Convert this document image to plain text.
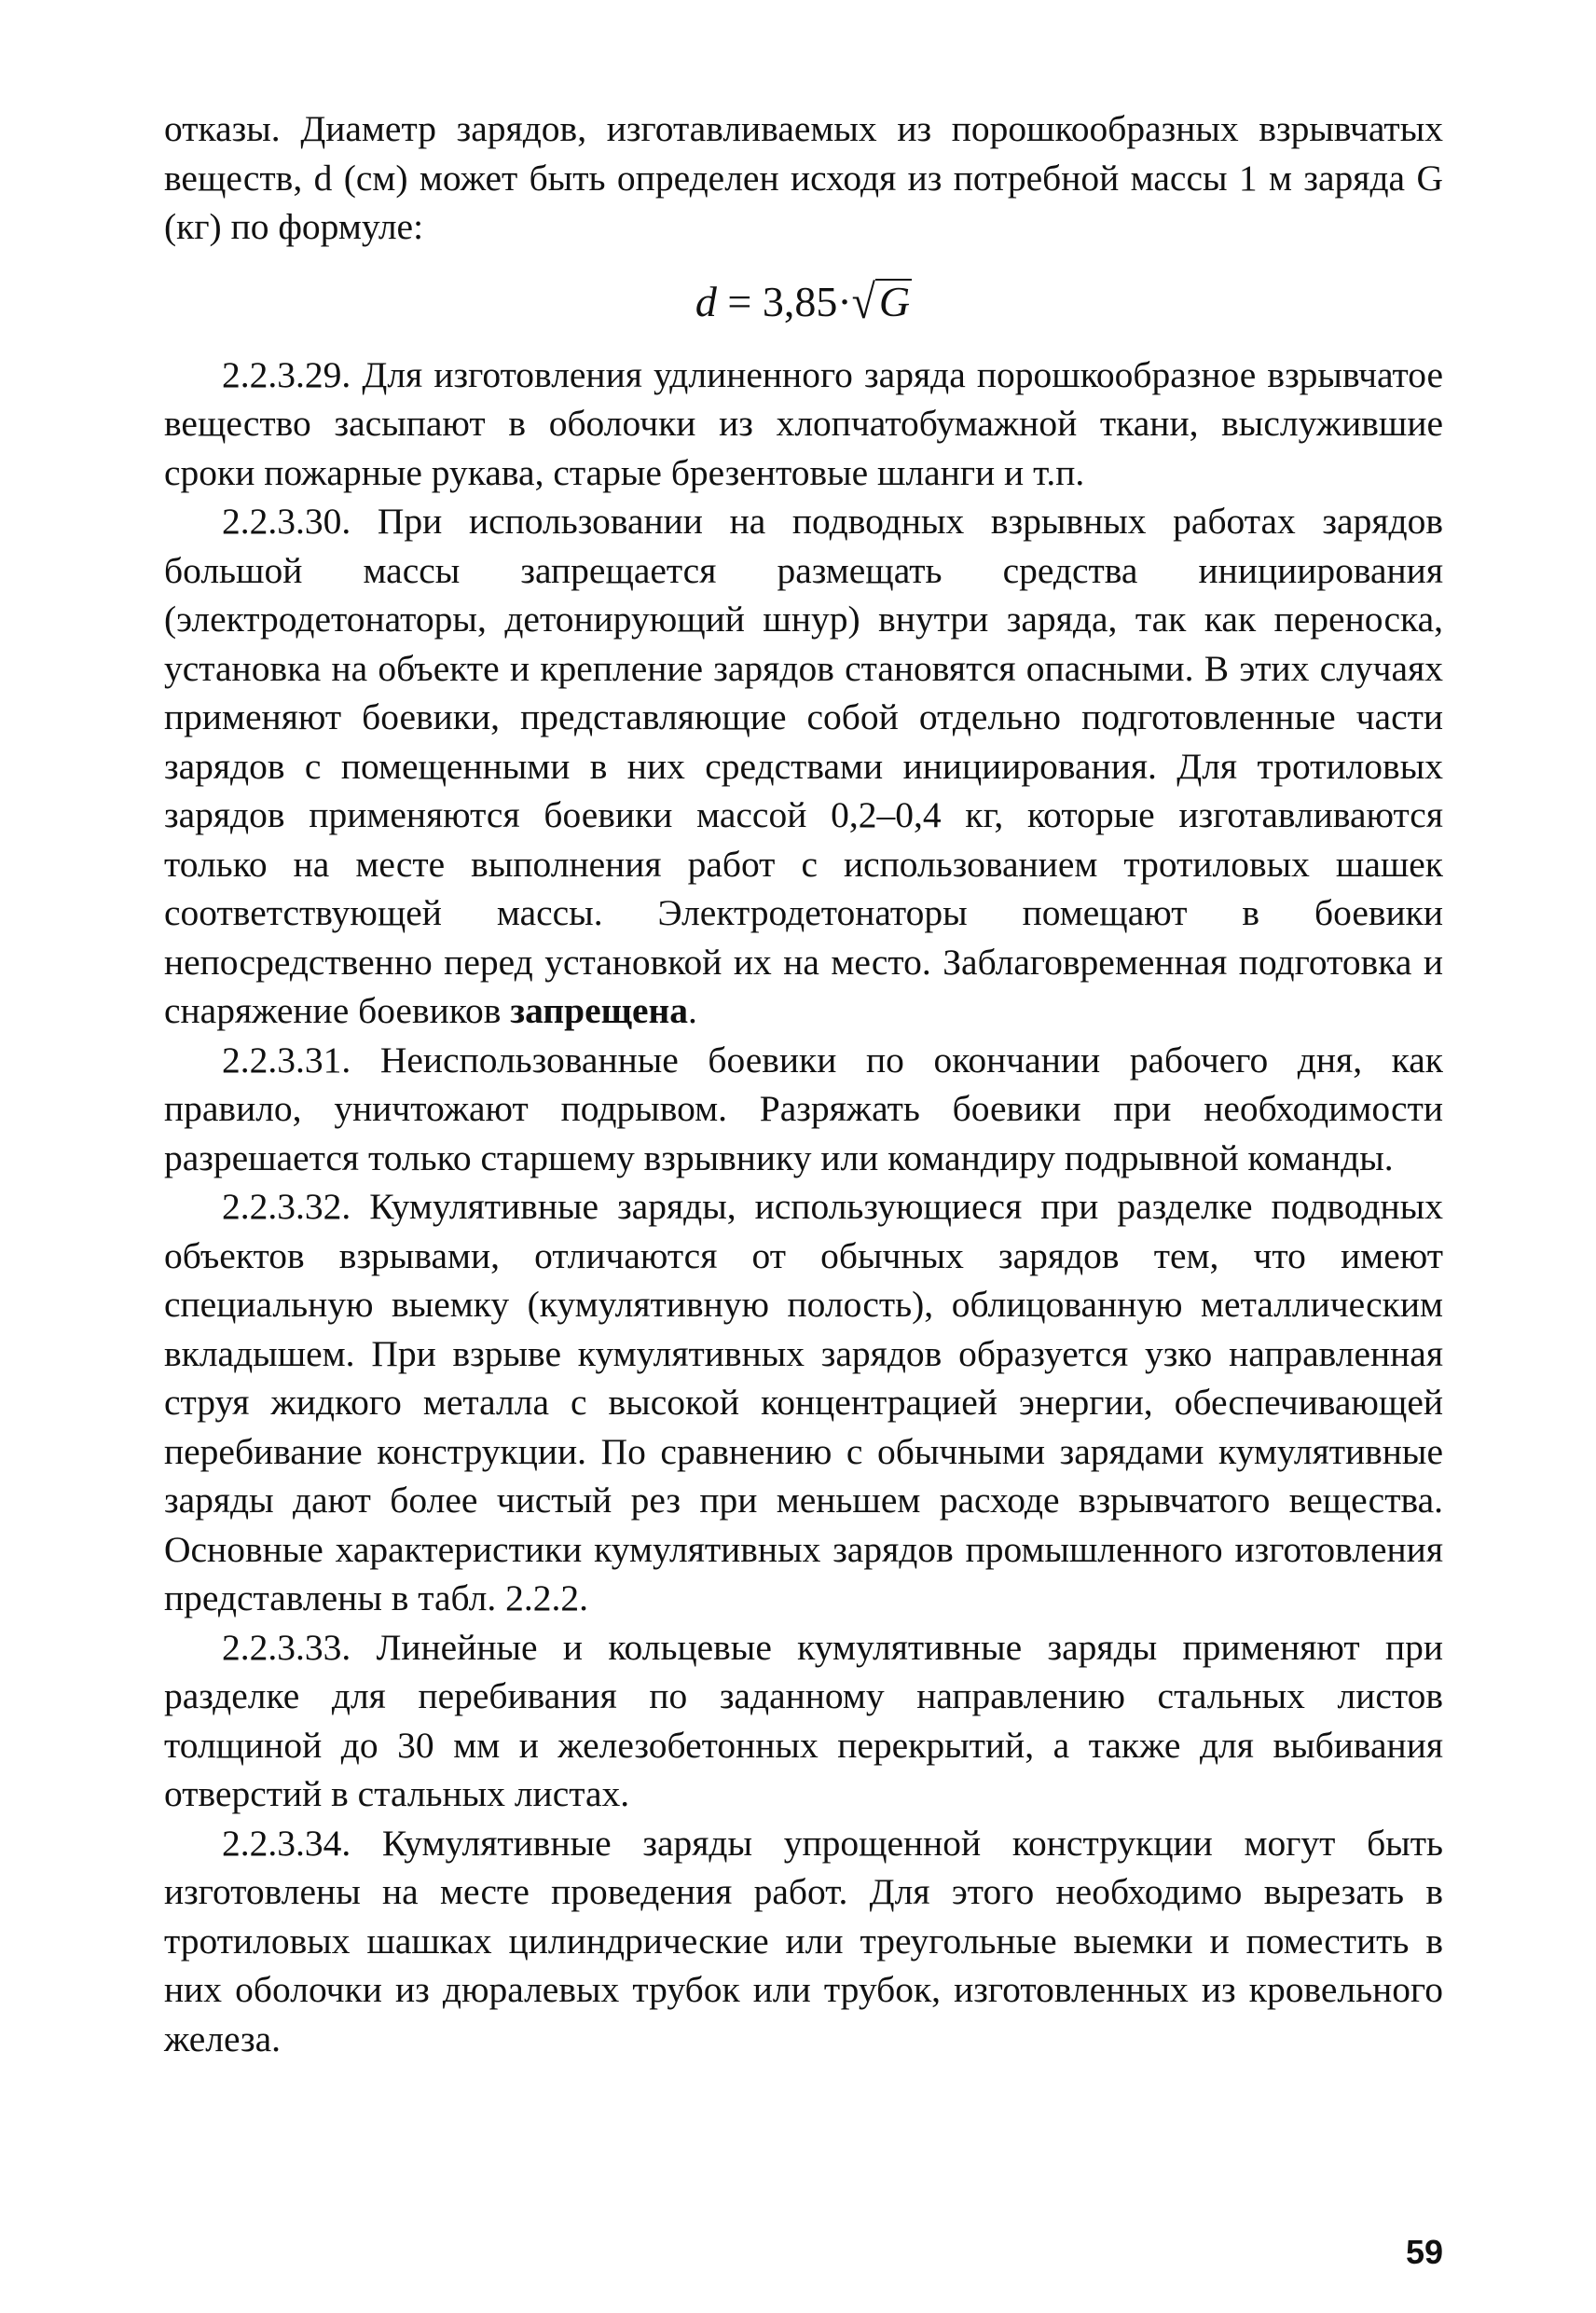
отказы. Диаметр зарядов, изготавливаемых из порошкообразных взрывчатых веществ, d (см) может быть определен исходя из потребной массы 1 м заряда G (кг) по формуле:

d = 3,85·√G

2.2.3.29. Для изготовления удлиненного заряда порошкообразное взрывчатое вещество засыпают в оболочки из хлопчатобумажной ткани, выслужившие сроки пожарные рукава, старые брезентовые шланги и т.п.

2.2.3.30. При использовании на подводных взрывных работах зарядов большой массы запрещается размещать средства инициирования (электродетонаторы, детонирующий шнур) внутри заряда, так как переноска, установка на объекте и крепление зарядов становятся опасными. В этих случаях применяют боевики, представляющие собой отдельно подготовленные части зарядов с помещенными в них средствами инициирования. Для тротиловых зарядов применяются боевики массой 0,2–0,4 кг, которые изготавливаются только на месте выполнения работ с использованием тротиловых шашек соответствующей массы. Электродетонаторы помещают в боевики непосредственно перед установкой их на место. Заблаговременная подготовка и снаряжение боевиков запрещена.

2.2.3.31. Неиспользованные боевики по окончании рабочего дня, как правило, уничтожают подрывом. Разряжать боевики при необходимости разрешается только старшему взрывнику или командиру подрывной команды.

2.2.3.32. Кумулятивные заряды, использующиеся при разделке подводных объектов взрывами, отличаются от обычных зарядов тем, что имеют специальную выемку (кумулятивную полость), облицованную металлическим вкладышем. При взрыве кумулятивных зарядов образуется узко направленная струя жидкого металла с высокой концентрацией энергии, обеспечивающей перебивание конструкции. По сравнению с обычными зарядами кумулятивные заряды дают более чистый рез при меньшем расходе взрывчатого вещества. Основные характеристики кумулятивных зарядов промышленного изготовления представлены в табл. 2.2.2.

2.2.3.33. Линейные и кольцевые кумулятивные заряды применяют при разделке для перебивания по заданному направлению стальных листов толщиной до 30 мм и железобетонных перекрытий, а также для выбивания отверстий в стальных листах.

2.2.3.34. Кумулятивные заряды упрощенной конструкции могут быть изготовлены на месте проведения работ. Для этого необходимо вырезать в тротиловых шашках цилиндрические или треугольные выемки и поместить в них оболочки из дюралевых трубок или трубок, изготовленных из кровельного железа.

59
